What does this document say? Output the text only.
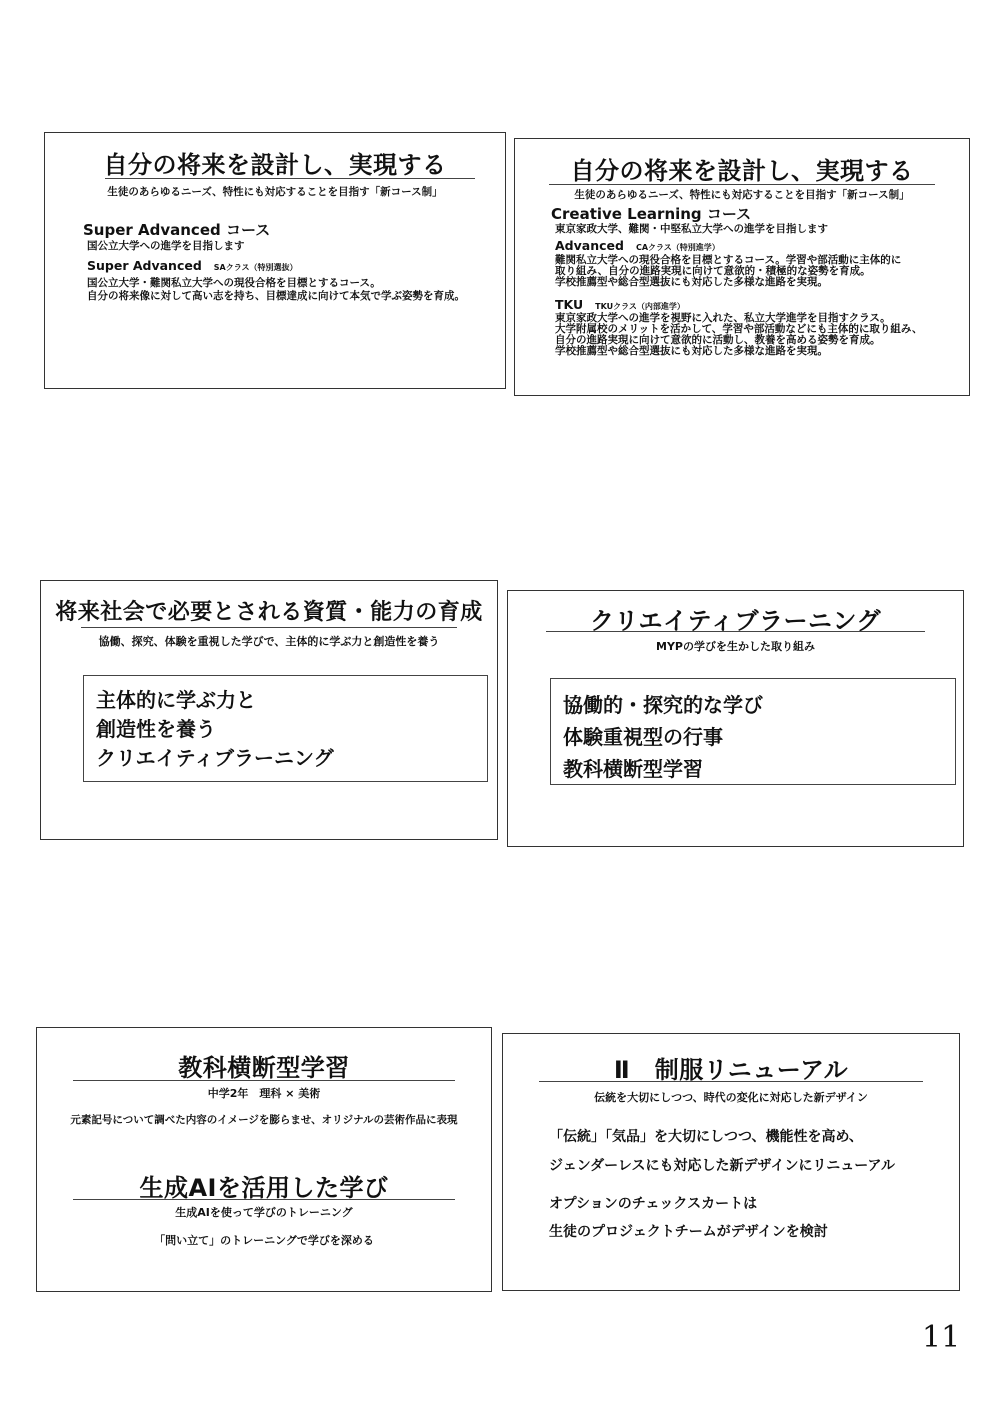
自分の将来を設計し、実現する
生徒のあらゆるニーズ、特性にも対応することを目指す「新コース制」
Super Advanced コース
国公立大学への進学を目指します
Super Advanced SAクラス（特別選抜）
国公立大学・難関私立大学への現役合格を目標とするコース。
自分の将来像に対して高い志を持ち、目標達成に向けて本気で学ぶ姿勢を育成。
自分の将来を設計し、実現する
生徒のあらゆるニーズ、特性にも対応することを目指す「新コース制」
Creative Learning コース
東京家政大学、難関・中堅私立大学への進学を目指します
Advanced CAクラス（特別進学）
難関私立大学への現役合格を目標とするコース。学習や部活動に主体的に
取り組み、自分の進路実現に向けて意欲的・積極的な姿勢を育成。
学校推薦型や総合型選抜にも対応した多様な進路を実現。
TKU TKUクラス（内部進学）
東京家政大学への進学を視野に入れた、私立大学進学を目指すクラス。
大学附属校のメリットを活かして、学習や部活動などにも主体的に取り組み、
自分の進路実現に向けて意欲的に活動し、教養を高める姿勢を育成。
学校推薦型や総合型選抜にも対応した多様な進路を実現。
将来社会で必要とされる資質・能力の育成
協働、探究、体験を重視した学びで、主体的に学ぶ力と創造性を養う
主体的に学ぶ力と
創造性を養う
クリエイティブラーニング
クリエイティブラーニング
MYPの学びを生かした取り組み
協働的・探究的な学び
体験重視型の行事
教科横断型学習
教科横断型学習
中学2年　理科 × 美術
元素記号について調べた内容のイメージを膨らませ、オリジナルの芸術作品に表現
生成AIを活用した学び
生成AIを使って学びのトレーニング
「問い立て」のトレーニングで学びを深める
Ⅱ　制服リニューアル
伝統を大切にしつつ、時代の変化に対応した新デザイン
「伝統」「気品」を大切にしつつ、機能性を高め、
ジェンダーレスにも対応した新デザインにリニューアル
オプションのチェックスカートは
生徒のプロジェクトチームがデザインを検討
11
